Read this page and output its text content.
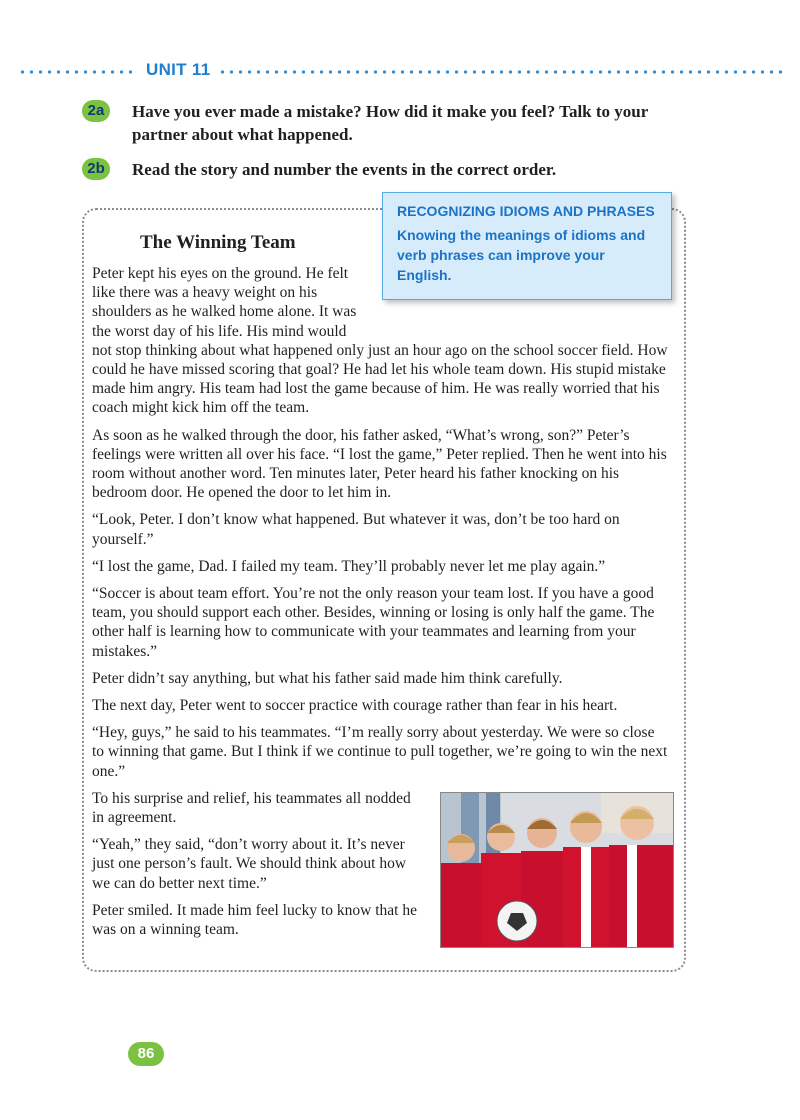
UNIT 11
2a	Have you ever made a mistake? How did it make you feel? Talk to your partner about what happened.
2b	Read the story and number the events in the correct order.
The Winning Team

Peter kept his eyes on the ground. He felt like there was a heavy weight on his shoulders as he walked home alone. It was the worst day of his life. His mind would not stop thinking about what happened only just an hour ago on the school soccer field. How could he have missed scoring that goal? He had let his whole team down. His stupid mistake made him angry. His team had lost the game because of him. He was really worried that his coach might kick him off the team.

As soon as he walked through the door, his father asked, “What’s wrong, son?” Peter’s feelings were written all over his face. “I lost the game,” Peter replied. Then he went into his room without another word. Ten minutes later, Peter heard his father knocking on his bedroom door. He opened the door to let him in.

“Look, Peter. I don’t know what happened. But whatever it was, don’t be too hard on yourself.”

“I lost the game, Dad. I failed my team. They’ll probably never let me play again.”

“Soccer is about team effort. You’re not the only reason your team lost. If you have a good team, you should support each other. Besides, winning or losing is only half the game. The other half is learning how to communicate with your teammates and learning from your mistakes.”

Peter didn’t say anything, but what his father said made him think carefully.

The next day, Peter went to soccer practice with courage rather than fear in his heart.

“Hey, guys,” he said to his teammates. “I’m really sorry about yesterday. We were so close to winning that game. But I think if we continue to pull together, we’re going to win the next one.”

To his surprise and relief, his teammates all nodded in agreement.

“Yeah,” they said, “don’t worry about it. It’s never just one person’s fault. We should think about how we can do better next time.”

Peter smiled. It made him feel lucky to know that he was on a winning team.

RECOGNIZING IDIOMS AND PHRASES
Knowing the meanings of idioms and verb phrases can improve your English.
86
